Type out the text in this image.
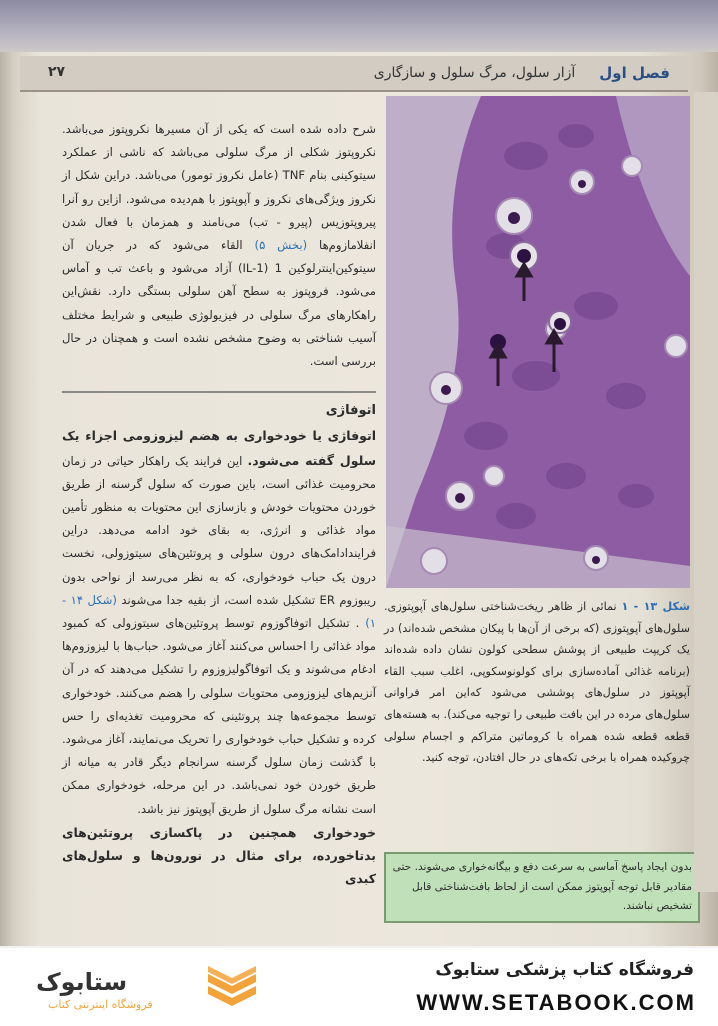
فصل اول
آزار سلول، مرگ سلول و سازگاری
۲۷

شرح داده شده است که یکی از آن مسیرها نکروپتوز می‌باشد. نکروپتوز شکلی از مرگ سلولی می‌باشد که ناشی از عملکرد سیتوکینی بنام TNF (عامل نکروز تومور) می‌باشد. دراین شکل از نکروز ویژگی‌های نکروز و آپوپتوز با هم‌دیده می‌شود. ازاین رو آنرا پیروپتوزیس (پیرو - تب) می‌نامند و همزمان با فعال شدن انفلامازوم‌ها (بخش ۵) القاء می‌شود که در جریان آن سیتوکین‌اینترلوکین 1 (IL-1) آزاد می‌شود و باعث تب و آماس می‌شود. فروپتوز به سطح آهن سلولی بستگی دارد. نقش‌این راهکارهای مرگ سلولی در فیزیولوژی طبیعی و شرایط مختلف آسیب شناختی به وضوح مشخص نشده است و همچنان در حال بررسی است.

اتوفاژی

اتوفاژی یا خودخواری به هضم لیزوزومی اجزاء یک سلول گفته می‌شود. این فرایند یک راهکار حیاتی در زمان محرومیت غذائی است، باین صورت که سلول گرسنه از طریق خوردن محتویات خودش و بازسازی این محتویات به منظور تأمین مواد غذائی و انرژی، به بقای خود ادامه می‌دهد. دراین فرایندادامک‌های درون سلولی و پروتئین‌های سیتوزولی، نخست درون یک حباب خودخواری، که به نظر می‌رسد از نواحی بدون ریبوزوم ER تشکیل شده است، از بقیه جدا می‌شوند (شکل ۱۴ - ۱) . تشکیل اتوفاگوزوم توسط پروتئین‌های سیتوزولی که کمبود مواد غذائی را احساس می‌کنند آغاز می‌شود. حباب‌ها با لیزوزوم‌ها ادغام می‌شوند و یک اتوفاگولیزوزوم را تشکیل می‌دهند که در آن آنزیم‌های لیزوزومی محتویات سلولی را هضم می‌کنند. خودخواری توسط مجموعه‌ها چند پروتئینی که محرومیت تغذیه‌ای را حس کرده و تشکیل حباب خودخواری را تحریک می‌نمایند، آغاز می‌شود. با گذشت زمان سلول گرسنه سرانجام دیگر قادر به میانه از طریق خوردن خود نمی‌باشد. در این مرحله، خودخواری ممکن است نشانه مرگ سلول از طریق آپوپتوز نیز باشد.

خودخواری همچنین در پاکسازی پروتئین‌های بدتاخورده، برای مثال در نورون‌ها و سلول‌های کبدی

شکل ۱۳ - ۱ نمائی از ظاهر ریخت‌شناختی سلول‌های آپوپتوزی. سلول‌های آپوپتوزی (که برخی از آن‌ها با پیکان مشخص شده‌اند) در یک کریپت طبیعی از پوشش سطحی کولون نشان داده شده‌اند (برنامه غذائی آماده‌سازی برای کولونوسکوپی، اغلب سبب القاء آپوپتوز در سلول‌های پوششی می‌شود که‌این امر فراوانی سلول‌های مرده در این بافت طبیعی را توجیه می‌کند). به هسته‌های قطعه قطعه شده همراه با کروماتین متراکم و اجسام سلولی چروکیده همراه با برخی تکه‌های در حال افتادن، توجه کنید.
بدون ایجاد پاسخ آماسی به سرعت دفع و بیگانه‌خواری می‌شوند. حتی مقادیر قابل توجه آپوپتوز ممکن است از لحاظ بافت‌شناختی قابل تشخیص نباشند.
ستابوک
فروشگاه اینترنتی کتاب
فروشگاه کتاب پزشکی ستابوک
WWW.SETABOOK.COM
